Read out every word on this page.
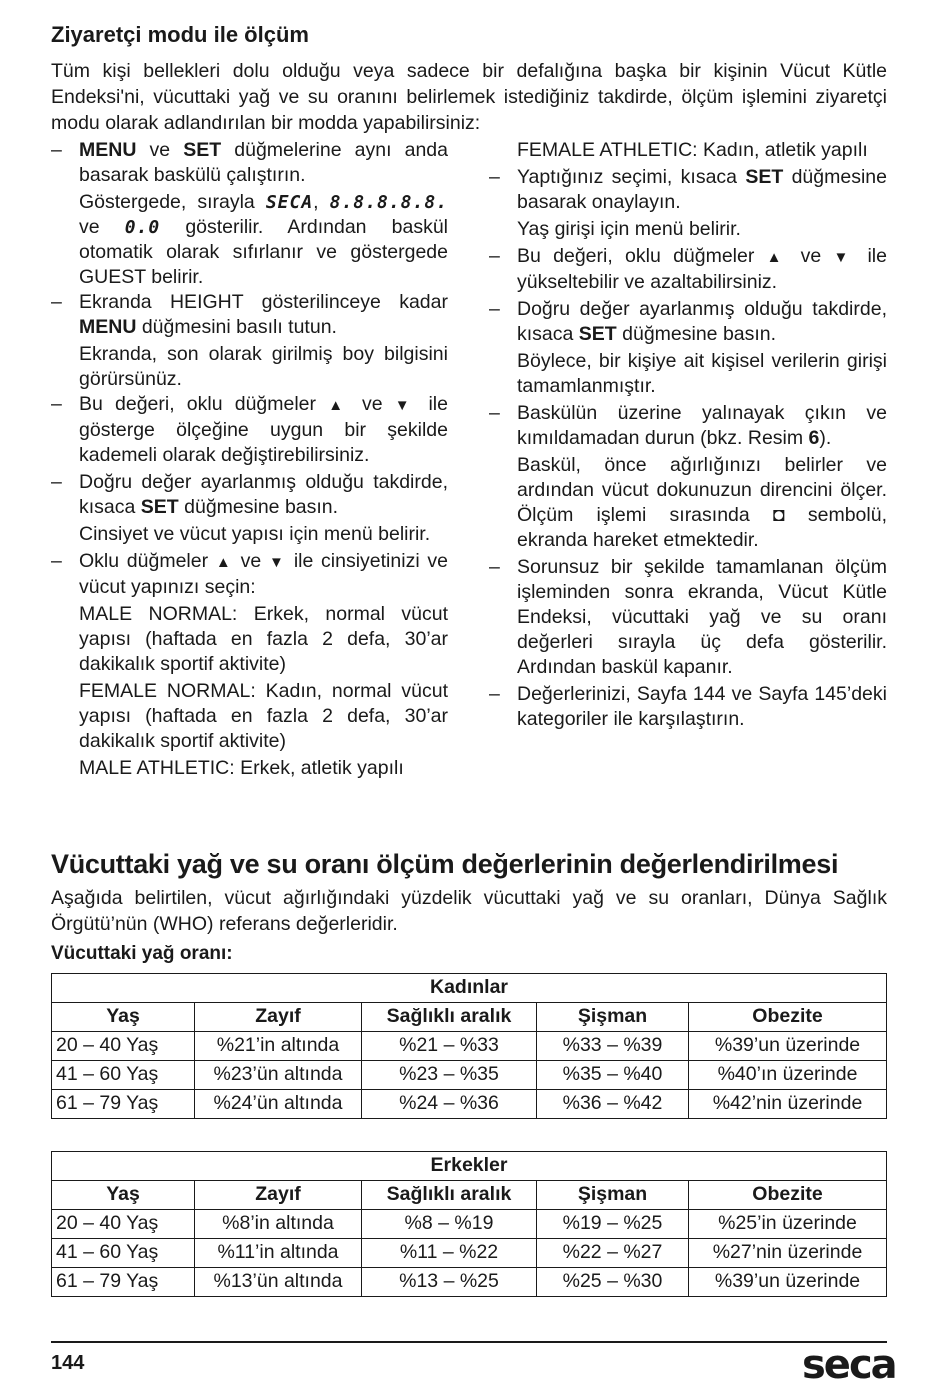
Ziyaretçi modu ile ölçüm

Tüm kişi bellekleri dolu olduğu veya sadece bir defalığına başka bir kişinin Vücut Kütle Endeksi'ni, vücuttaki yağ ve su oranını belirlemek istediğiniz takdirde, ölçüm işlemini ziyaretçi modu olarak adlandırılan bir modda yapabilirsiniz:

– MENU ve SET düğmelerine aynı anda basarak baskülü çalıştırın.

Göstergede, sırayla SECA, 8.8.8.8.8. ve 0.0 gösterilir. Ardından baskül otomatik olarak sıfırlanır ve göstergede GUEST belirir.

– Ekranda HEIGHT gösterilinceye kadar MENU düğmesini basılı tutun.

Ekranda, son olarak girilmiş boy bilgisini görürsünüz.

– Bu değeri, oklu düğmeler ▲ ve ▼ ile gösterge ölçeğine uygun bir şekilde kademeli olarak değiştirebilirsiniz.

– Doğru değer ayarlanmış olduğu takdirde, kısaca SET düğmesine basın.

Cinsiyet ve vücut yapısı için menü belirir.

– Oklu düğmeler ▲ ve ▼ ile cinsiyetinizi ve vücut yapınızı seçin:

MALE NORMAL: Erkek, normal vücut yapısı (haftada en fazla 2 defa, 30’ar dakikalık sportif aktivite)

FEMALE NORMAL: Kadın, normal vücut yapısı (haftada en fazla 2 defa, 30’ar dakikalık sportif aktivite)

MALE ATHLETIC: Erkek, atletik yapılı

FEMALE ATHLETIC: Kadın, atletik yapılı

– Yaptığınız seçimi, kısaca SET düğmesine basarak onaylayın.

Yaş girişi için menü belirir.

– Bu değeri, oklu düğmeler ▲ ve ▼ ile yükseltebilir ve azaltabilirsiniz.

– Doğru değer ayarlanmış olduğu takdirde, kısaca SET düğmesine basın.

Böylece, bir kişiye ait kişisel verilerin girişi tamamlanmıştır.

– Baskülün üzerine yalınayak çıkın ve kımıldamadan durun (bkz. Resim 6).

Baskül, önce ağırlığınızı belirler ve ardından vücut dokunuzun direncini ölçer. Ölçüm işlemi sırasında ◘ sembolü, ekranda hareket etmektedir.

– Sorunsuz bir şekilde tamamlanan ölçüm işleminden sonra ekranda, Vücut Kütle Endeksi, vücuttaki yağ ve su oranı değerleri sırayla üç defa gösterilir. Ardından baskül kapanır.

– Değerlerinizi, Sayfa 144 ve Sayfa 145’deki kategoriler ile karşılaştırın.

Vücuttaki yağ ve su oranı ölçüm değerlerinin değerlendirilmesi

Aşağıda belirtilen, vücut ağırlığındaki yüzdelik vücuttaki yağ ve su oranları, Dünya Sağlık Örgütü’nün (WHO) referans değerleridir.

Vücuttaki yağ oranı:
Kadınlar				
Yaş	Zayıf	Sağlıklı aralık	Şişman	Obezite
20 – 40 Yaş	%21’in altında	%21 – %33	%33 – %39	%39’un üzerinde
41 – 60 Yaş	%23’ün altında	%23 – %35	%35 – %40	%40’ın üzerinde
61 – 79 Yaş	%24’ün altında	%24 – %36	%36 – %42	%42’nin üzerinde
Erkekler				
Yaş	Zayıf	Sağlıklı aralık	Şişman	Obezite
20 – 40 Yaş	%8’in altında	%8 – %19	%19 – %25	%25’in üzerinde
41 – 60 Yaş	%11’in altında	%11 – %22	%22 – %27	%27’nin üzerinde
61 – 79 Yaş	%13’ün altında	%13 – %25	%25 – %30	%39’un üzerinde
144	seca
